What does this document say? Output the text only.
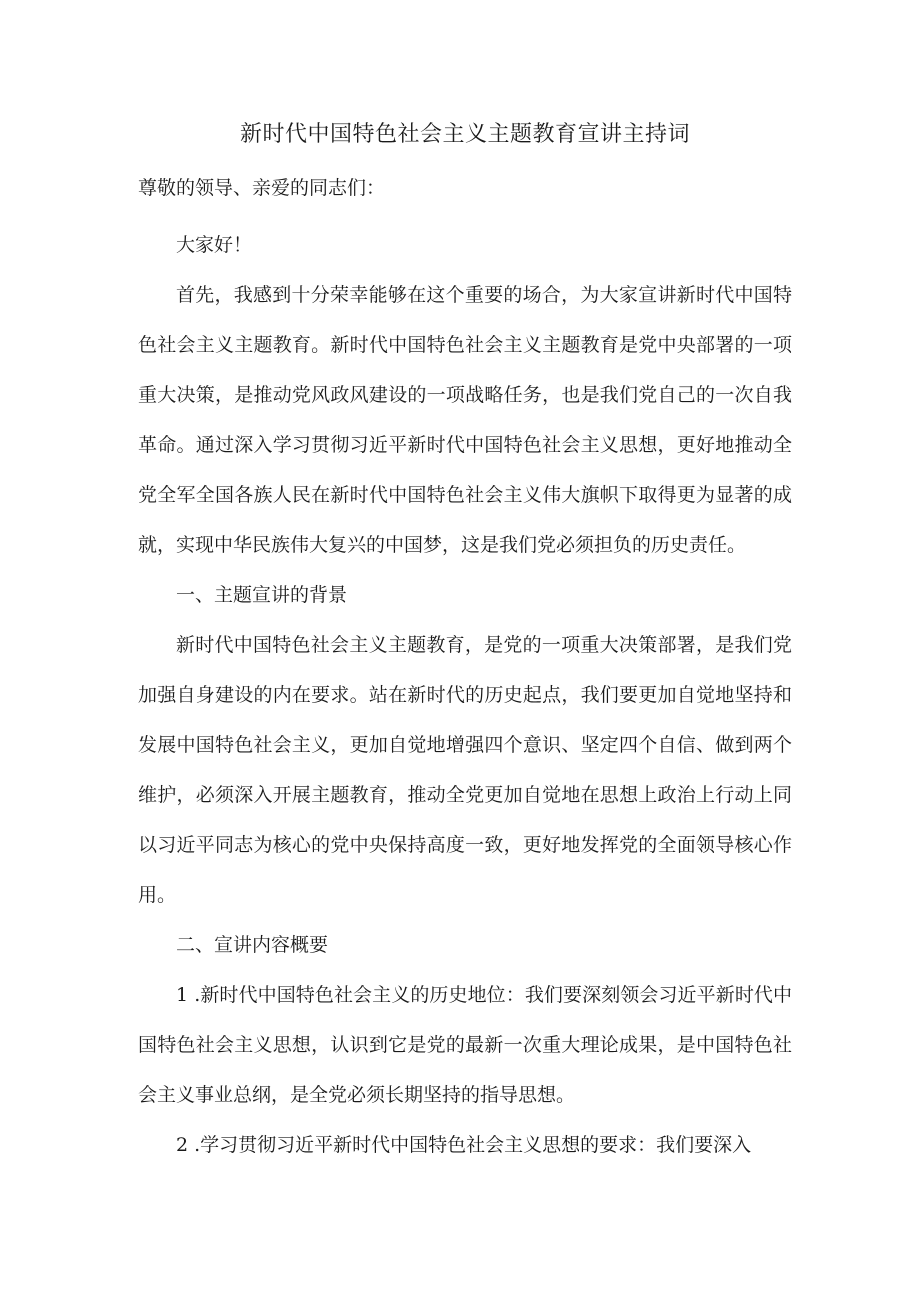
新时代中国特色社会主义主题教育宣讲主持词

尊敬的领导、亲爱的同志们：

大家好！

首先，我感到十分荣幸能够在这个重要的场合，为大家宣讲新时代中国特色社会主义主题教育。新时代中国特色社会主义主题教育是党中央部署的一项重大决策，是推动党风政风建设的一项战略任务，也是我们党自己的一次自我革命。通过深入学习贯彻习近平新时代中国特色社会主义思想，更好地推动全党全军全国各族人民在新时代中国特色社会主义伟大旗帜下取得更为显著的成就，实现中华民族伟大复兴的中国梦，这是我们党必须担负的历史责任。

一、主题宣讲的背景

新时代中国特色社会主义主题教育，是党的一项重大决策部署，是我们党加强自身建设的内在要求。站在新时代的历史起点，我们要更加自觉地坚持和发展中国特色社会主义，更加自觉地增强四个意识、坚定四个自信、做到两个维护，必须深入开展主题教育，推动全党更加自觉地在思想上政治上行动上同以习近平同志为核心的党中央保持高度一致，更好地发挥党的全面领导核心作用。

二、宣讲内容概要

1 .新时代中国特色社会主义的历史地位：我们要深刻领会习近平新时代中国特色社会主义思想，认识到它是党的最新一次重大理论成果，是中国特色社会主义事业总纲，是全党必须长期坚持的指导思想。

2 .学习贯彻习近平新时代中国特色社会主义思想的要求：我们要深入
